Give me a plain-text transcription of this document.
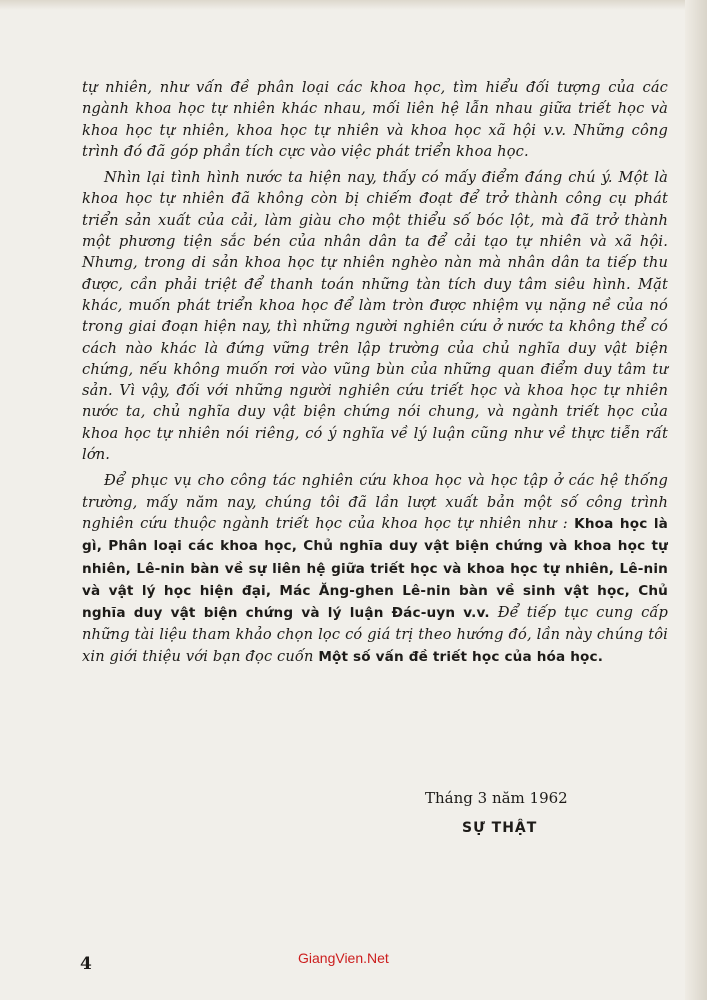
tự nhiên, như vấn đề phân loại các khoa học, tìm hiểu đối tượng của các ngành khoa học tự nhiên khác nhau, mối liên hệ lẫn nhau giữa triết học và khoa học tự nhiên, khoa học tự nhiên và khoa học xã hội v.v. Những công trình đó đã góp phần tích cực vào việc phát triển khoa học.

Nhìn lại tình hình nước ta hiện nay, thấy có mấy điểm đáng chú ý. Một là khoa học tự nhiên đã không còn bị chiếm đoạt để trở thành công cụ phát triển sản xuất của cải, làm giàu cho một thiểu số bóc lột, mà đã trở thành một phương tiện sắc bén của nhân dân ta để cải tạo tự nhiên và xã hội. Nhưng, trong di sản khoa học tự nhiên nghèo nàn mà nhân dân ta tiếp thu được, cần phải triệt để thanh toán những tàn tích duy tâm siêu hình. Mặt khác, muốn phát triển khoa học để làm tròn được nhiệm vụ nặng nề của nó trong giai đoạn hiện nay, thì những người nghiên cứu ở nước ta không thể có cách nào khác là đứng vững trên lập trường của chủ nghĩa duy vật biện chứng, nếu không muốn rơi vào vũng bùn của những quan điểm duy tâm tư sản. Vì vậy, đối với những người nghiên cứu triết học và khoa học tự nhiên nước ta, chủ nghĩa duy vật biện chứng nói chung, và ngành triết học của khoa học tự nhiên nói riêng, có ý nghĩa về lý luận cũng như về thực tiễn rất lớn.

Để phục vụ cho công tác nghiên cứu khoa học và học tập ở các hệ thống trường, mấy năm nay, chúng tôi đã lần lượt xuất bản một số công trình nghiên cứu thuộc ngành triết học của khoa học tự nhiên như : Khoa học là gì, Phân loại các khoa học, Chủ nghĩa duy vật biện chứng và khoa học tự nhiên, Lê-nin bàn về sự liên hệ giữa triết học và khoa học tự nhiên, Lê-nin và vật lý học hiện đại, Mác Ăng-ghen Lê-nin bàn về sinh vật học, Chủ nghĩa duy vật biện chứng và lý luận Đác-uyn v.v. Để tiếp tục cung cấp những tài liệu tham khảo chọn lọc có giá trị theo hướng đó, lần này chúng tôi xin giới thiệu với bạn đọc cuốn Một số vấn đề triết học của hóa học.

Tháng 3 năm 1962
SỰ THẬT
4	GiangVien.Net
